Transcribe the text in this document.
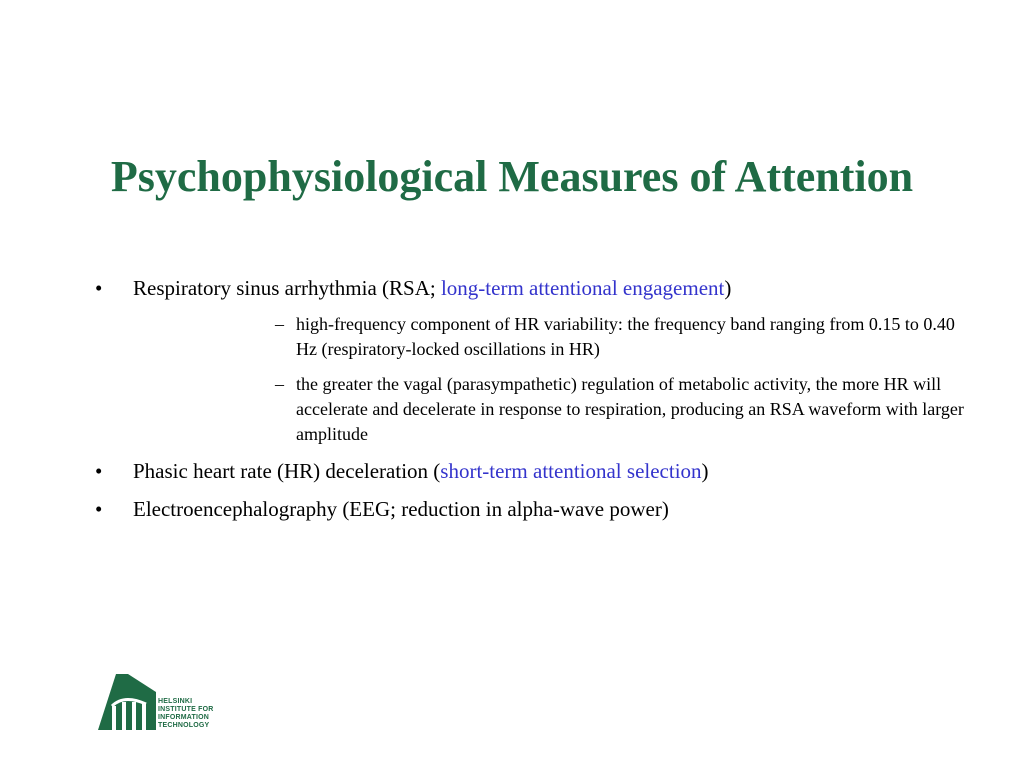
Psychophysiological Measures of Attention
• Respiratory sinus arrhythmia (RSA; long-term attentional engagement)
– high-frequency component of HR variability: the frequency band ranging from 0.15 to 0.40 Hz (respiratory-locked oscillations in HR)
– the greater the vagal (parasympathetic) regulation of metabolic activity, the more HR will accelerate and decelerate in response to respiration, producing an RSA waveform with larger amplitude
• Phasic heart rate (HR) deceleration (short-term attentional selection)
• Electroencephalography (EEG; reduction in alpha-wave power)
HELSINKI
INSTITUTE FOR
INFORMATION
TECHNOLOGY
